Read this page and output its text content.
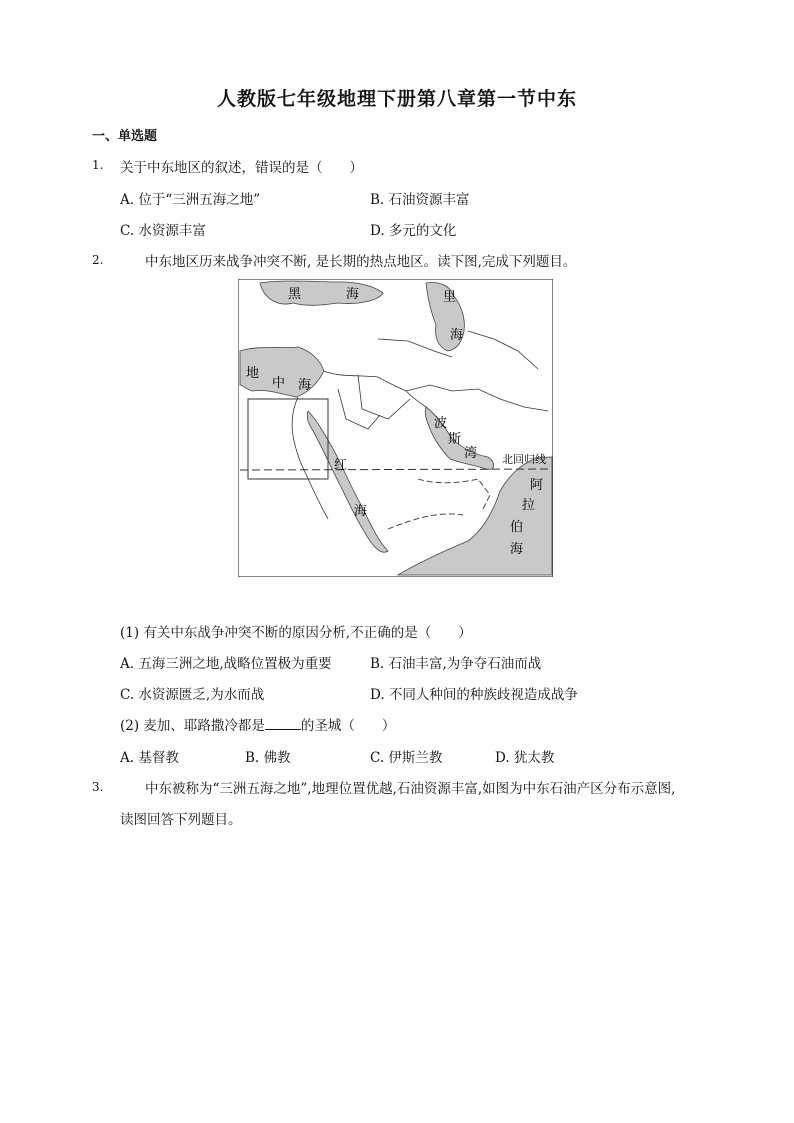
人教版七年级地理下册第八章第一节中东
一、单选题
1. 关于中东地区的叙述，错误的是（　　）
A. 位于“三洲五海之地”	B. 石油资源丰富
C. 水资源丰富	D. 多元的文化
2.	中东地区历来战争冲突不断, 是长期的热点地区。读下图,完成下列题目。
黑	海	里
海
地
中 海
波
斯
湾
红
海
阿
拉
伯
海
北回归线
(1) 有关中东战争冲突不断的原因分析,不正确的是（　　）
A. 五海三洲之地,战略位置极为重要	B. 石油丰富,为争夺石油而战
C. 水资源匮乏,为水而战	D. 不同人种间的种族歧视造成战争
(2) 麦加、耶路撒冷都是	的圣城（　　）
A. 基督教	B. 佛教	C. 伊斯兰教	D. 犹太教
3.	中东被称为“三洲五海之地”,地理位置优越,石油资源丰富,如图为中东石油产区分布示意图,
读图回答下列题目。
